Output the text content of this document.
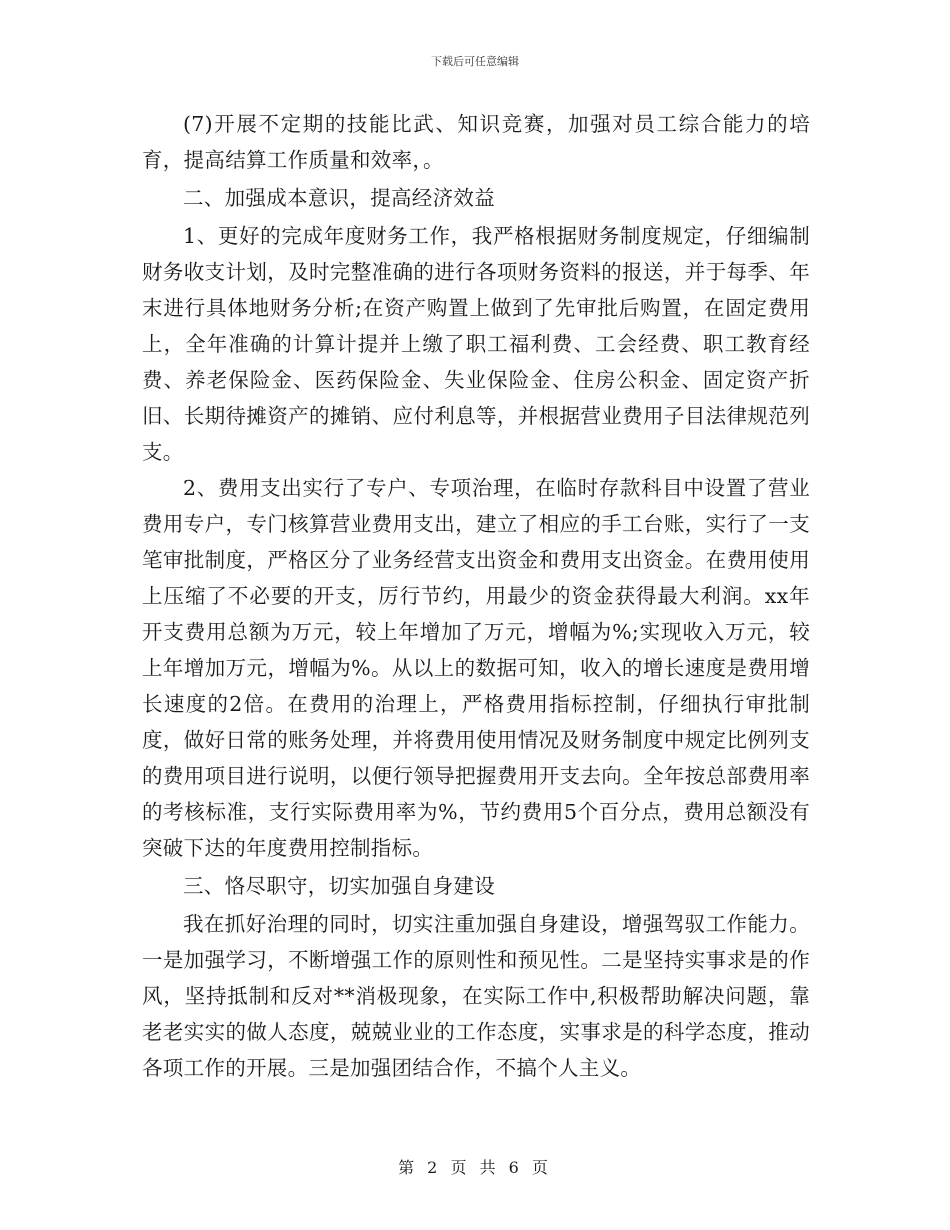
下载后可任意编辑

(7)开展不定期的技能比武、知识竞赛，加强对员工综合能力的培育，提高结算工作质量和效率，。

二、加强成本意识，提高经济效益

1、更好的完成年度财务工作，我严格根据财务制度规定，仔细编制财务收支计划，及时完整准确的进行各项财务资料的报送，并于每季、年末进行具体地财务分析;在资产购置上做到了先审批后购置，在固定费用上，全年准确的计算计提并上缴了职工福利费、工会经费、职工教育经费、养老保险金、医药保险金、失业保险金、住房公积金、固定资产折旧、长期待摊资产的摊销、应付利息等，并根据营业费用子目法律规范列支。

2、费用支出实行了专户、专项治理，在临时存款科目中设置了营业费用专户，专门核算营业费用支出，建立了相应的手工台账，实行了一支笔审批制度，严格区分了业务经营支出资金和费用支出资金。在费用使用上压缩了不必要的开支，厉行节约，用最少的资金获得最大利润。xx年开支费用总额为万元，较上年增加了万元，增幅为%;实现收入万元，较上年增加万元，增幅为%。从以上的数据可知，收入的增长速度是费用增长速度的2倍。在费用的治理上，严格费用指标控制，仔细执行审批制度，做好日常的账务处理，并将费用使用情况及财务制度中规定比例列支的费用项目进行说明，以便行领导把握费用开支去向。全年按总部费用率的考核标准，支行实际费用率为%，节约费用5个百分点，费用总额没有突破下达的年度费用控制指标。

三、恪尽职守，切实加强自身建设

我在抓好治理的同时，切实注重加强自身建设，增强驾驭工作能力。一是加强学习，不断增强工作的原则性和预见性。二是坚持实事求是的作风，坚持抵制和反对**消极现象，在实际工作中,积极帮助解决问题，靠老老实实的做人态度，兢兢业业的工作态度，实事求是的科学态度，推动各项工作的开展。三是加强团结合作，不搞个人主义。

第 2 页 共 6 页
